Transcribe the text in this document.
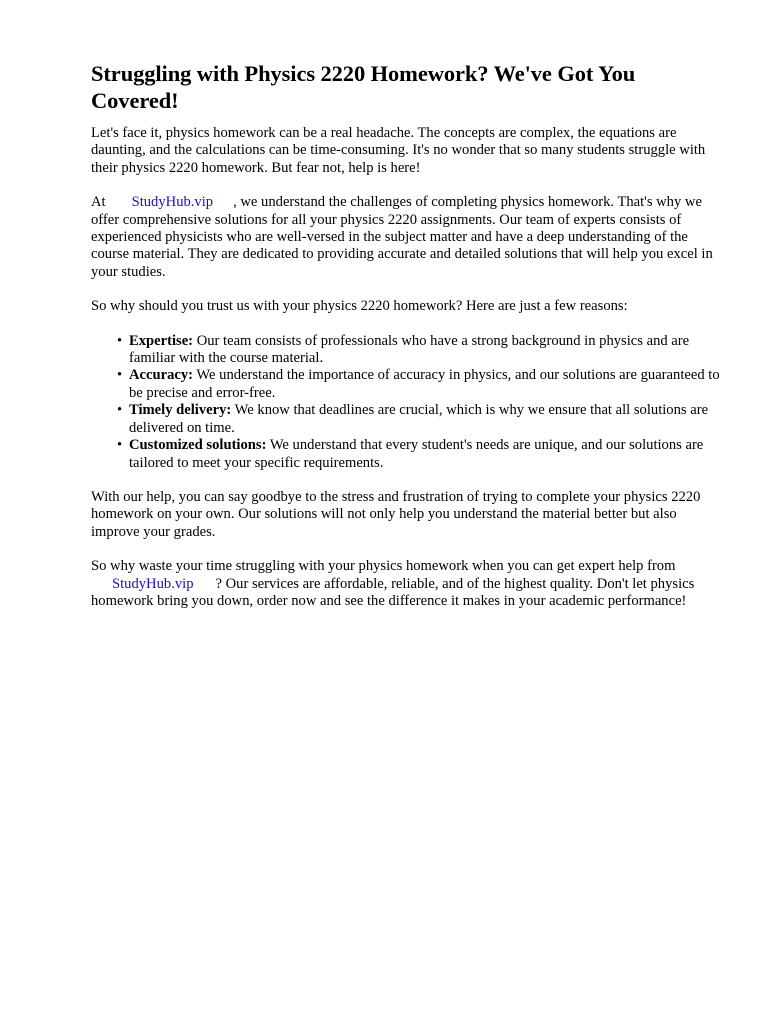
Struggling with Physics 2220 Homework? We've Got You Covered!

Let's face it, physics homework can be a real headache. The concepts are complex, the equations are daunting, and the calculations can be time-consuming. It's no wonder that so many students struggle with their physics 2220 homework. But fear not, help is here!

At StudyHub.vip , we understand the challenges of completing physics homework. That's why we offer comprehensive solutions for all your physics 2220 assignments. Our team of experts consists of experienced physicists who are well-versed in the subject matter and have a deep understanding of the course material. They are dedicated to providing accurate and detailed solutions that will help you excel in your studies.

So why should you trust us with your physics 2220 homework? Here are just a few reasons:

• Expertise: Our team consists of professionals who have a strong background in physics and are familiar with the course material.
• Accuracy: We understand the importance of accuracy in physics, and our solutions are guaranteed to be precise and error-free.
• Timely delivery: We know that deadlines are crucial, which is why we ensure that all solutions are delivered on time.
• Customized solutions: We understand that every student's needs are unique, and our solutions are tailored to meet your specific requirements.

With our help, you can say goodbye to the stress and frustration of trying to complete your physics 2220 homework on your own. Our solutions will not only help you understand the material better but also improve your grades.

So why waste your time struggling with your physics homework when you can get expert help from
StudyHub.vip ? Our services are affordable, reliable, and of the highest quality. Don't let physics homework bring you down, order now and see the difference it makes in your academic performance!
